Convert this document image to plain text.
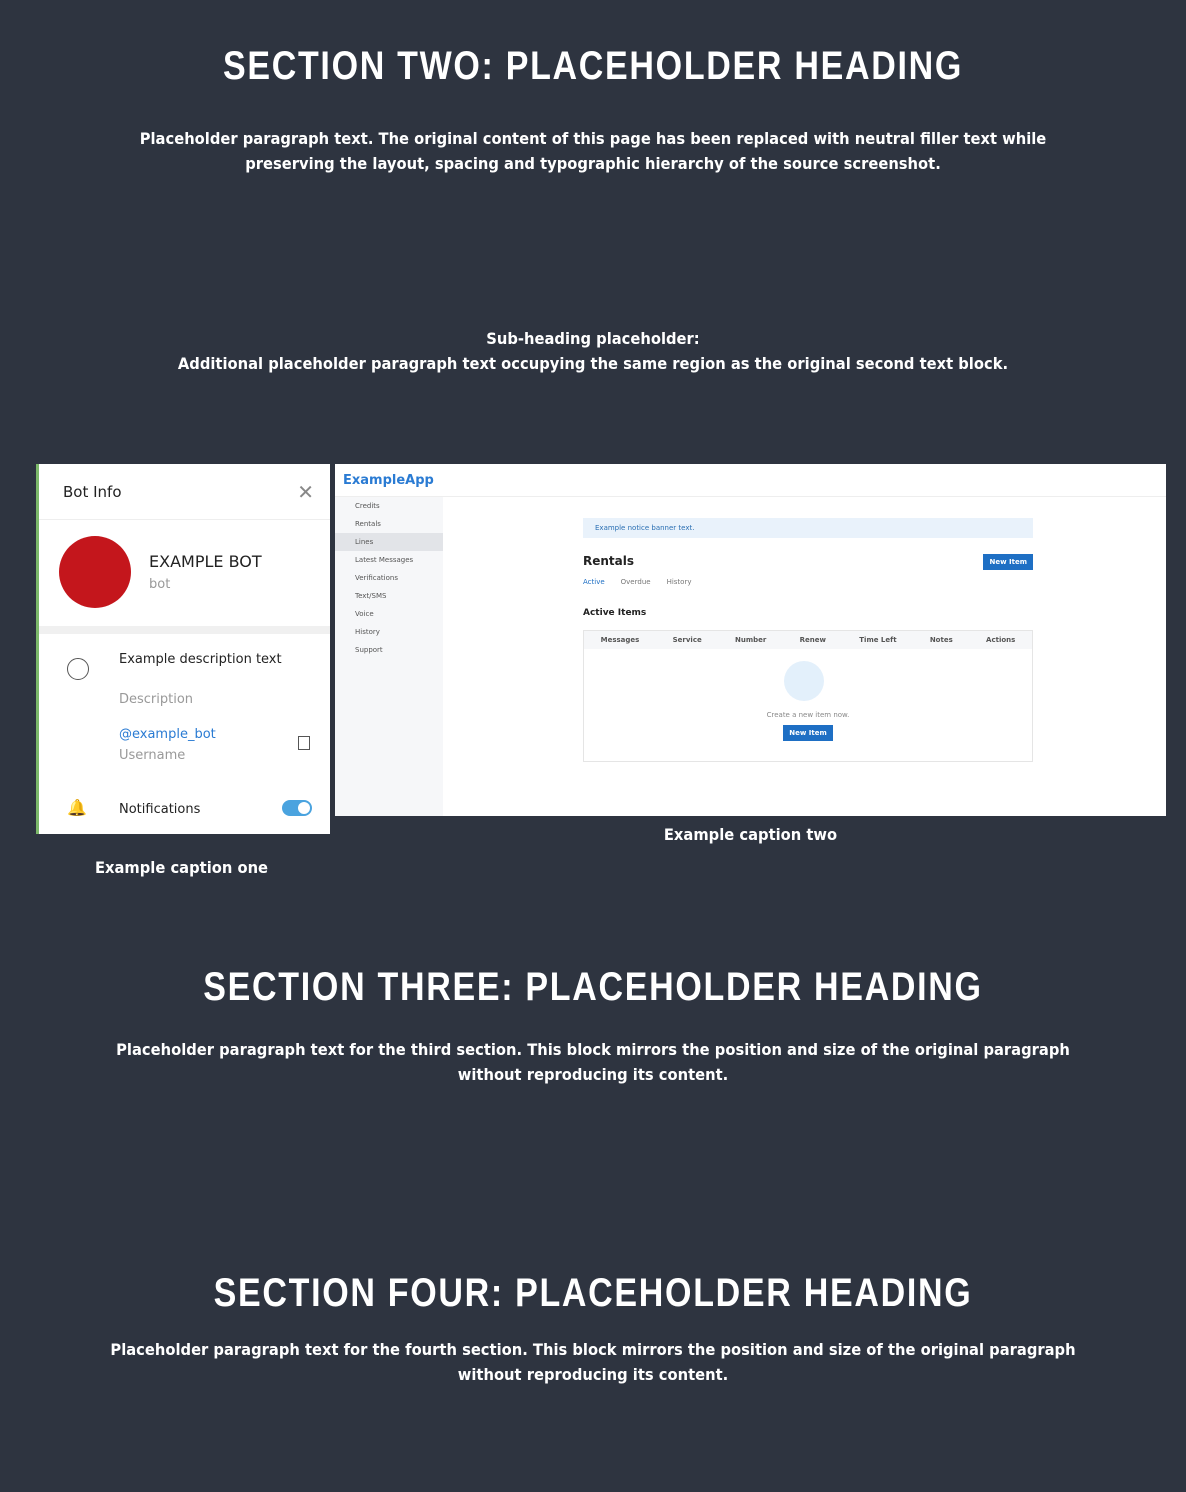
SECTION TWO: PLACEHOLDER HEADING
Placeholder paragraph text. The original content of this page has been replaced with neutral filler text while preserving the layout, spacing and typographic hierarchy of the source screenshot.
Sub-heading placeholder:
Additional placeholder paragraph text occupying the same region as the original second text block.
Bot Info	✕
EXAMPLE BOT
bot
Example description text
Description
@example_bot
Username
🔔 Notifications
ExampleApp
Credits
Rentals
Lines
Latest Messages
Verifications
Text/SMS
Voice
History
Support
Example notice banner text.
Rentals	New Item
Active Overdue History
Active Items
Messages	Service	Number	Renew	Time Left	Notes	Actions
Create a new item now.
New Item
Example caption one
Example caption two
SECTION THREE: PLACEHOLDER HEADING
Placeholder paragraph text for the third section. This block mirrors the position and size of the original paragraph without reproducing its content.
SECTION FOUR: PLACEHOLDER HEADING
Placeholder paragraph text for the fourth section. This block mirrors the position and size of the original paragraph without reproducing its content.
